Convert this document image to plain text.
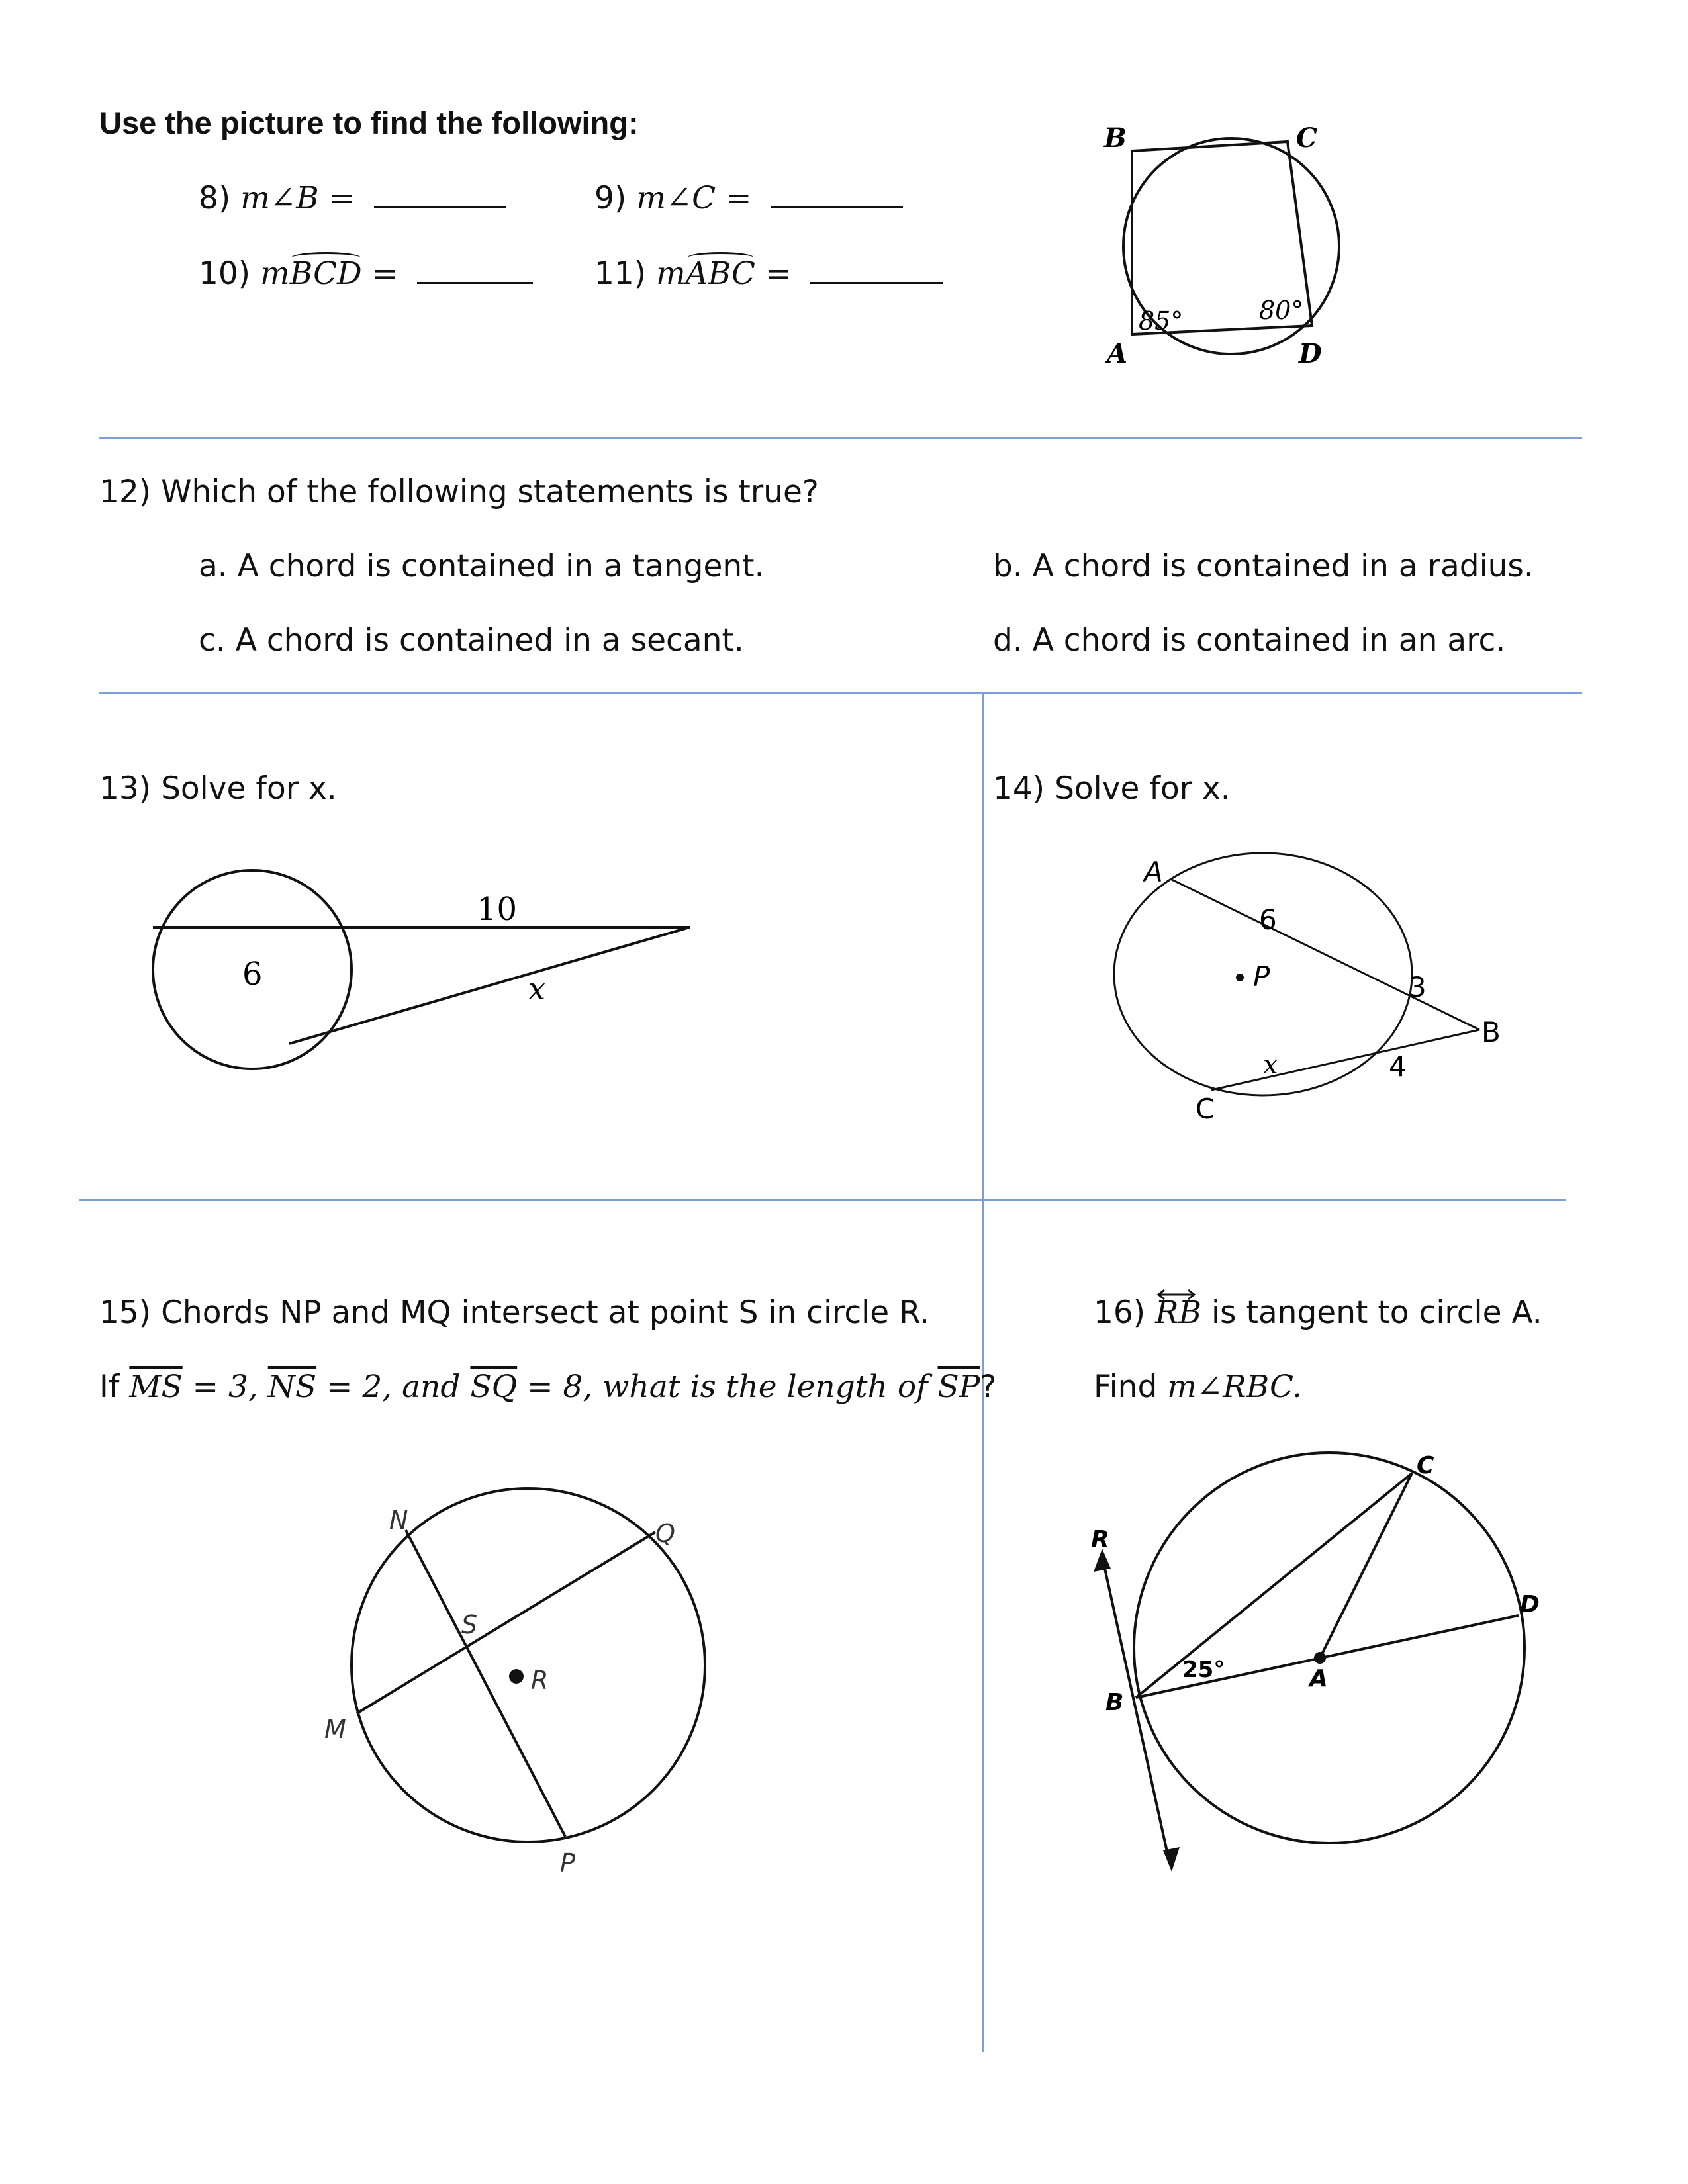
Use the picture to find the following:
8) m∠B =	9) m∠C =
10) mBCD =	11) mABC =
B	C
A	D
85°	80°
12) Which of the following statements is true?
a. A chord is contained in a tangent.	b. A chord is contained in a radius.
c. A chord is contained in a secant.	d. A chord is contained in an arc.
13) Solve for x.
10
6	x
14) Solve for x.
A
P
B
C
6
3
4
x
15) Chords NP and MQ intersect at point S in circle R.
If $\overline{MS} = 3$, $\overline{NS} = 2$, and $\overline{SQ} = 8$, what is the length of $\overline{SP}$?
N	Q
S
R
M
P
16)
RB is tangent to circle A.
Find m∠RBC.
C
R
D
B
A
25°
